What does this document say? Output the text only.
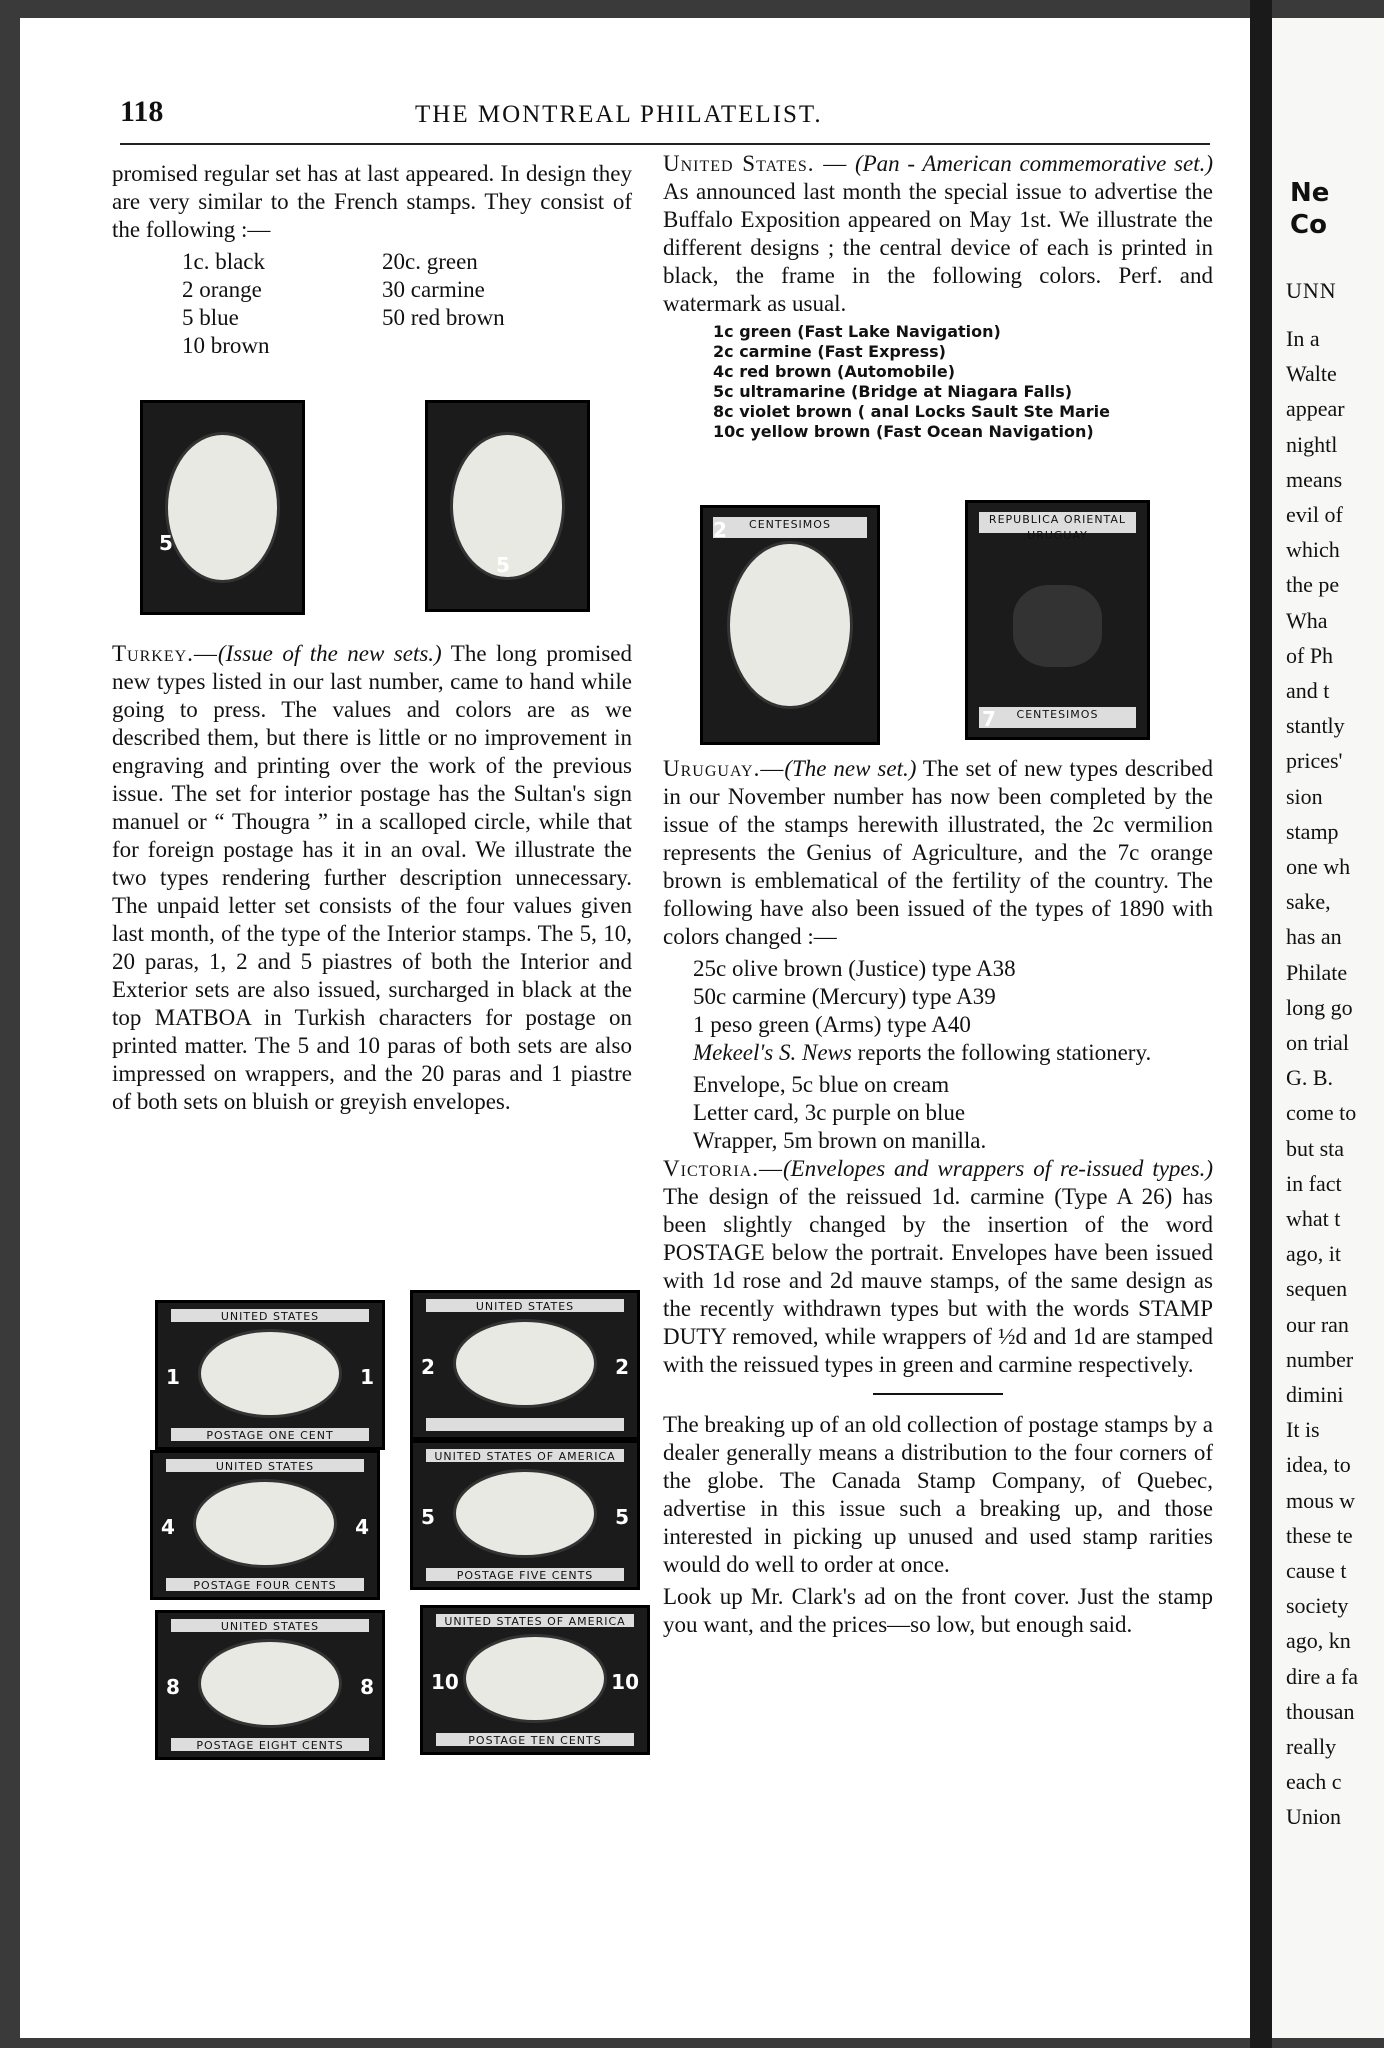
118	THE MONTREAL PHILATELIST.

promised regular set has at last appeared. In design they are very similar to the French stamps. They consist of the following :—

1c. black	20c. green
2 orange	30 carmine
5 blue	50 red brown
10 brown
5
5

Turkey.—(Issue of the new sets.) The long promised new types listed in our last number, came to hand while going to press. The values and colors are as we described them, but there is little or no improvement in engraving and printing over the work of the previous issue. The set for interior postage has the Sultan's sign manuel or “ Thougra ” in a scalloped circle, while that for foreign postage has it in an oval. We illustrate the two types rendering further description unnecessary. The unpaid letter set consists of the four values given last month, of the type of the Interior stamps. The 5, 10, 20 paras, 1, 2 and 5 piastres of both the Interior and Exterior sets are also issued, surcharged in black at the top MATBOA in Turkish characters for postage on printed matter. The 5 and 10 paras of both sets are also impressed on wrappers, and the 20 paras and 1 piastre of both sets on bluish or greyish envelopes.

UNITED STATES
POSTAGE ONE CENT
1	1
UNITED STATES
2	2
UNITED STATES
POSTAGE FOUR CENTS
4	4
UNITED STATES OF AMERICA
POSTAGE FIVE CENTS
5	5
UNITED STATES
POSTAGE EIGHT CENTS
8	8
UNITED STATES OF AMERICA
POSTAGE TEN CENTS
10	10

United States. — (Pan - American commemorative set.) As announced last month the special issue to advertise the Buffalo Exposition appeared on May 1st. We illustrate the different designs ; the central device of each is printed in black, the frame in the following colors. Perf. and watermark as usual.

1c green (Fast Lake Navigation)
2c carmine (Fast Express)
4c red brown (Automobile)
5c ultramarine (Bridge at Niagara Falls)
8c violet brown ( anal Locks Sault Ste Marie
10c yellow brown (Fast Ocean Navigation)
CENTESIMOS
2	REPUBLICA ORIENTAL URUGUAY
CENTESIMOS
7

Uruguay.—(The new set.) The set of new types described in our November number has now been completed by the issue of the stamps herewith illustrated, the 2c vermilion represents the Genius of Agriculture, and the 7c orange brown is emblematical of the fertility of the country. The following have also been issued of the types of 1890 with colors changed :—

25c olive brown (Justice) type A38
50c carmine (Mercury) type A39
1 peso green (Arms) type A40

Mekeel's S. News reports the following stationery.

Envelope, 5c blue on cream
Letter card, 3c purple on blue
Wrapper, 5m brown on manilla.

Victoria.—(Envelopes and wrappers of re-issued types.) The design of the reissued 1d. carmine (Type A 26) has been slightly changed by the insertion of the word POSTAGE below the portrait. Envelopes have been issued with 1d rose and 2d mauve stamps, of the same design as the recently withdrawn types but with the words STAMP DUTY removed, while wrappers of ½d and 1d are stamped with the reissued types in green and carmine respectively.

The breaking up of an old collection of postage stamps by a dealer generally means a distribution to the four corners of the globe. The Canada Stamp Company, of Quebec, advertise in this issue such a breaking up, and those interested in picking up unused and used stamp rarities would do well to order at once.

Look up Mr. Clark's ad on the front cover. Just the stamp you want, and the prices—so low, but enough said.

Ne
Co
UNN
In a
Walte
appear
nightl
means
evil of
which
the pe
Wha
of Ph
and t
stantly
prices'
sion
stamp
one wh
sake,
has an
Philate
long go
on trial
G. B.
come to
but sta
in fact
what t
ago, it
sequen
our ran
number
dimini
It is
idea, to
mous w
these te
cause t
society
ago, kn
dire a fa
thousan
really
each c
Union
